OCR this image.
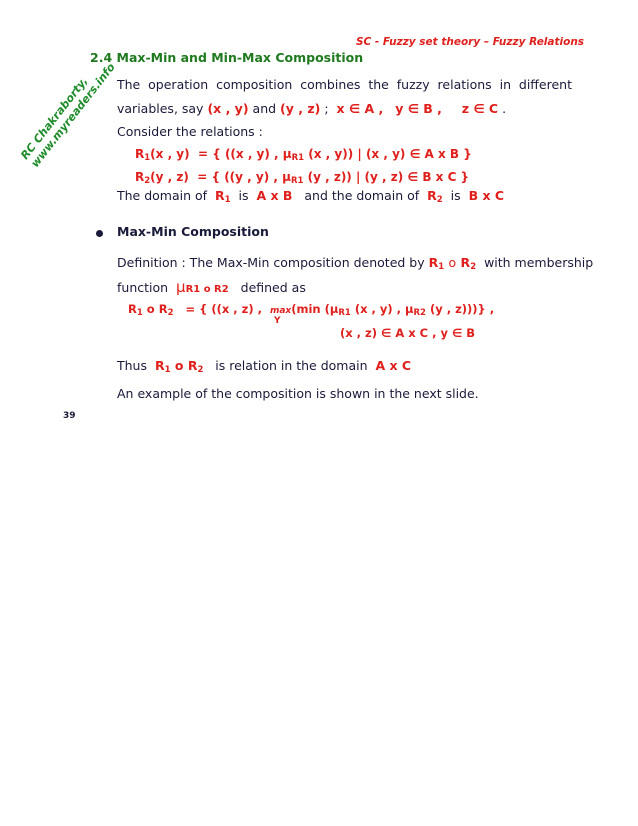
RC Chakraborty, www.myreaders.info
SC - Fuzzy set theory – Fuzzy Relations
2.4 Max-Min and Min-Max Composition
The operation composition combines the fuzzy relations in different
variables, say (x , y) and (y , z) ; x ∈ A , y ∈ B , z ∈ C .
Consider the relations :
$R_1(x$ , y) = { ((x , y) , $\mu_{R1}$ (x , y)) | (x , y) ∈ A x B }
$R_2(y$ , z) = { ((y , y) , $\mu_{R1}$ (y , z)) | (y , z) ∈ B x C }
The domain of $R_1$ is A x B and the domain of $R_2$ is B x C
Max-Min Composition
Definition : The Max-Min composition denoted by $R_1$ o $R_2$ with membership
function μR1 o R2 defined as
$R_1$ o $R_2$ = { ((x , z) , max(min ($\mu_{R1}$ (x , y) , $\mu_{R2}$ (y , z)))} ,
Y
(x , z) ∈ A x C , y ∈ B
Thus $R_1$ o $R_2$ is relation in the domain A x C
An example of the composition is shown in the next slide.
39
